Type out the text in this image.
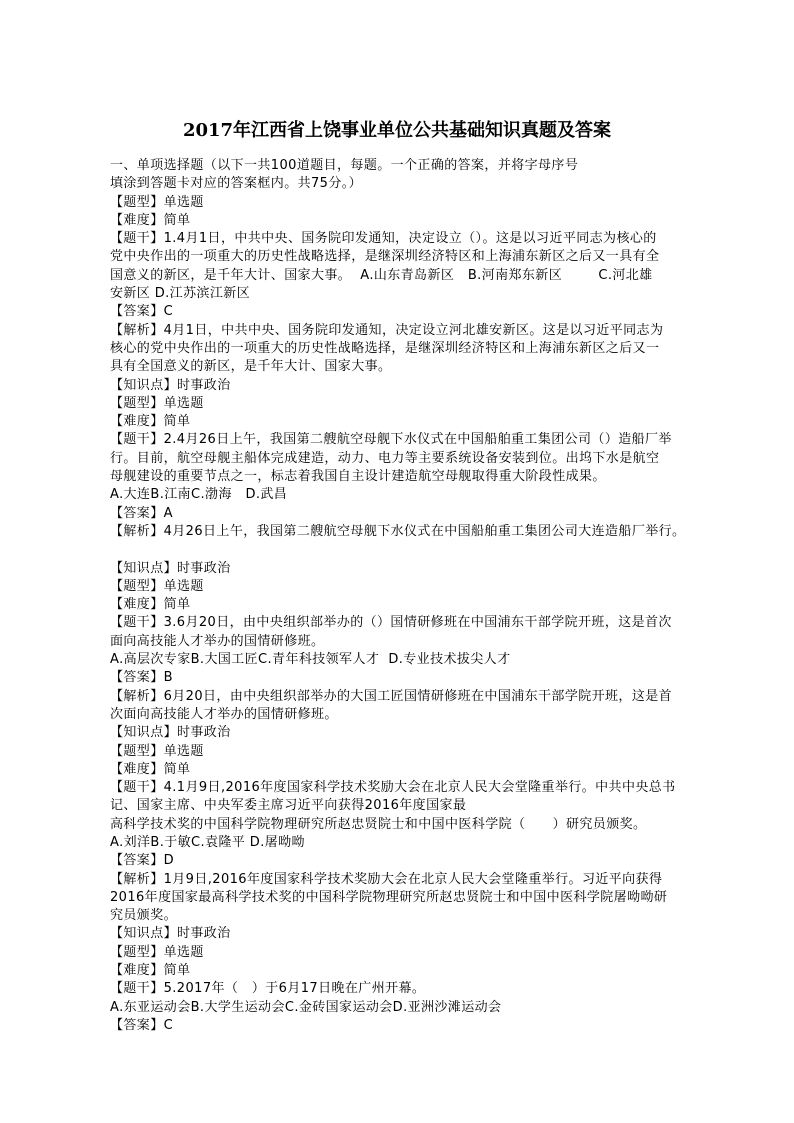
2017年江西省上饶事业单位公共基础知识真题及答案
一、单项选择题（以下一共100道题目，每题。一个正确的答案，并将字母序号
填涂到答题卡对应的答案框内。共75分。）
【题型】单选题
【难度】简单
【题干】1.4月1日，中共中央、国务院印发通知，决定设立（）。这是以习近平同志为核心的
党中央作出的一项重大的历史性战略选择，是继深圳经济特区和上海浦东新区之后又一具有全
国意义的新区，是千年大计、国家大事。  A.山东青岛新区   B.河南郑东新区        C.河北雄
安新区 D.江苏滨江新区
【答案】C
【解析】4月1日，中共中央、国务院印发通知，决定设立河北雄安新区。这是以习近平同志为
核心的党中央作出的一项重大的历史性战略选择，是继深圳经济特区和上海浦东新区之后又一
具有全国意义的新区，是千年大计、国家大事。
【知识点】时事政治
【题型】单选题
【难度】简单
【题干】2.4月26日上午，我国第二艘航空母舰下水仪式在中国船舶重工集团公司（）造船厂举
行。目前，航空母舰主船体完成建造，动力、电力等主要系统设备安装到位。出坞下水是航空
母舰建设的重要节点之一，标志着我国自主设计建造航空母舰取得重大阶段性成果。
A.大连B.江南C.渤海   D.武昌
【答案】A
【解析】4月26日上午，我国第二艘航空母舰下水仪式在中国船舶重工集团公司大连造船厂举行。
【知识点】时事政治
【题型】单选题
【难度】简单
【题干】3.6月20日，由中央组织部举办的（）国情研修班在中国浦东干部学院开班，这是首次
面向高技能人才举办的国情研修班。
A.高层次专家B.大国工匠C.青年科技领军人才  D.专业技术拔尖人才
【答案】B
【解析】6月20日，由中央组织部举办的大国工匠国情研修班在中国浦东干部学院开班，这是首
次面向高技能人才举办的国情研修班。
【知识点】时事政治
【题型】单选题
【难度】简单
【题干】4.1月9日,2016年度国家科学技术奖励大会在北京人民大会堂隆重举行。中共中央总书
记、国家主席、中央军委主席习近平向获得2016年度国家最
高科学技术奖的中国科学院物理研究所赵忠贤院士和中国中医科学院（      ）研究员颁奖。
A.刘洋B.于敏C.袁隆平 D.屠呦呦
【答案】D
【解析】1月9日,2016年度国家科学技术奖励大会在北京人民大会堂隆重举行。习近平向获得
2016年度国家最高科学技术奖的中国科学院物理研究所赵忠贤院士和中国中医科学院屠呦呦研
究员颁奖。
【知识点】时事政治
【题型】单选题
【难度】简单
【题干】5.2017年（   ）于6月17日晚在广州开幕。
A.东亚运动会B.大学生运动会C.金砖国家运动会D.亚洲沙滩运动会
【答案】C
